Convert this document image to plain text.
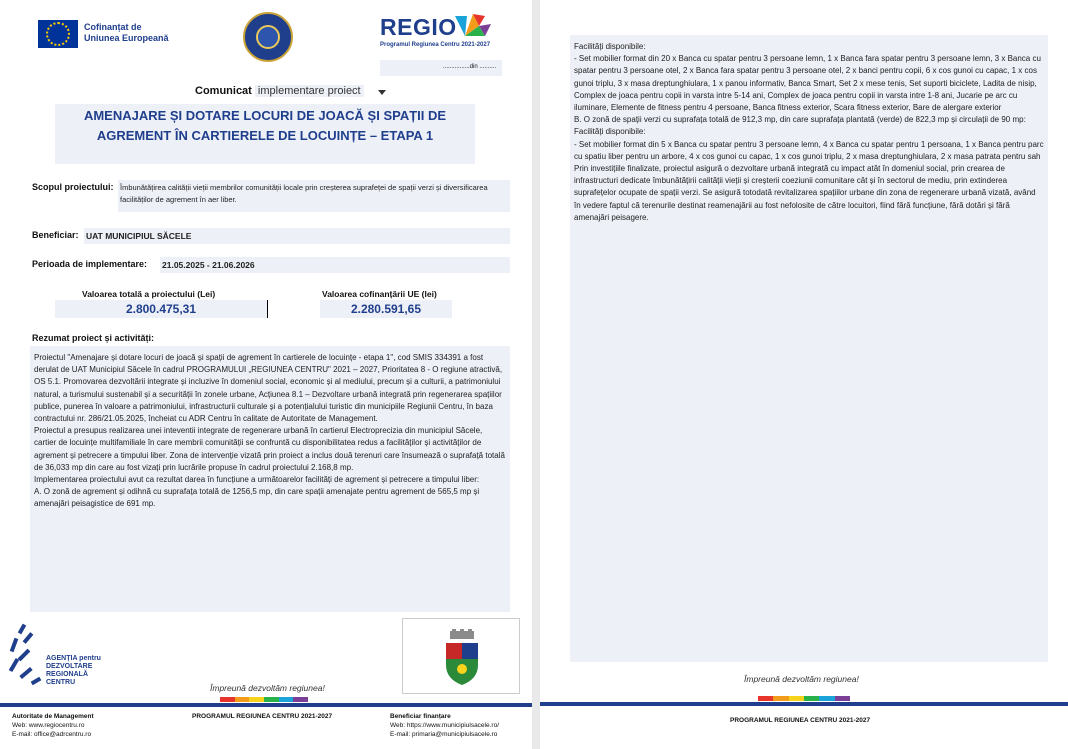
Cofinanțat de
Uniunea Europeană	REGIO
Programul Regiunea Centru 2021-2027
................din ..........
Comunicat implementare proiect
AMENAJARE ȘI DOTARE LOCURI DE JOACĂ ȘI SPAȚII DE
AGREMENT ÎN CARTIERELE DE LOCUINȚE – ETAPA 1
Scopul proiectului: Îmbunătățirea calității vieții membrilor comunității locale prin creșterea suprafeței de spații verzi și diversificarea facilităților de agrement în aer liber.
Beneficiar: UAT MUNICIPIUL SĂCELE
Perioada de implementare: 21.05.2025 - 21.06.2026
Valoarea totală a proiectului (Lei)	Valoarea cofinanțării UE (lei)
2.800.475,31	2.280.591,65
Rezumat proiect și activități:

Proiectul "Amenajare și dotare locuri de joacă și spații de agrement în cartierele de locuințe - etapa 1", cod SMIS 334391 a fost derulat de UAT Municipiul Săcele în cadrul PROGRAMULUI „REGIUNEA CENTRU" 2021 – 2027, Prioritatea 8 - O regiune atractivă, OS 5.1. Promovarea dezvoltării integrate și incluzive în domeniul social, economic și al mediului, precum și a culturii, a patrimoniului natural, a turismului sustenabil și a securității în zonele urbane, Acțiunea 8.1 – Dezvoltare urbană integrată prin regenerarea spațiilor publice, punerea în valoare a patrimoniului, infrastructurii culturale și a potențialului turistic din municipiile Regiunii Centru, în baza contractului nr. 286/21.05.2025, încheiat cu ADR Centru în calitate de Autoritate de Management.

Proiectul a presupus realizarea unei inteventii integrate de regenerare urbană în cartierul Electroprecizia din municipiul Săcele, cartier de locuințe multifamiliale în care membrii comunității se confruntă cu disponibilitatea redus a facilităților și activităților de agrement și petrecere a timpului liber. Zona de intervenție vizată prin proiect a inclus două terenuri care însumează o suprafață totală de 36,033 mp din care au fost vizați prin lucrările propuse în cadrul proiectului 2.168,8 mp.

Implementarea proiectului avut ca rezultat darea în funcțiune a următoarelor facilități de agrement și petrecere a timpului liber:

A. O zonă de agrement și odihnă cu suprafața totală de 1256,5 mp, din care spații amenajate pentru agrement de 565,5 mp și amenajări peisagistice de 691 mp.

AGENȚIA pentru
DEZVOLTARE
REGIONALĂ
CENTRU
Împreună dezvoltăm regiunea!
Autoritate de Management
Web: www.regiocentru.ro
E-mail: office@adrcentru.ro
PROGRAMUL REGIUNEA CENTRU 2021-2027	Beneficiar finanțare
Web: https://www.municipiulsacele.ro/
E-mail: primaria@municipiulsacele.ro
Facilități disponibile:
- Set mobilier format din 20 x Banca cu spatar pentru 3 persoane lemn, 1 x Banca fara spatar pentru 3 persoane lemn, 3 x Banca cu spatar pentru 3 persoane otel, 2 x Banca fara spatar pentru 3 persoane otel, 2 x banci pentru copii, 6 x cos gunoi cu capac, 1 x cos gunoi triplu, 3 x masa dreptunghiulara, 1 x panou informativ, Banca Smart, Set 2 x mese tenis, Set suporti biciclete, Ladita de nisip, Complex de joaca pentru copii in varsta intre 5-14 ani, Complex de joaca pentru copii in varsta intre 1-8 ani, Jucarie pe arc cu iluminare, Elemente de fitness pentru 4 persoane, Banca fitness exterior, Scara fitness exterior, Bare de alergare exterior
B. O zonă de spații verzi cu suprafața totală de 912,3 mp, din care suprafața plantată (verde) de 822,3 mp și circulații de 90 mp:
Facilități disponibile:
- Set mobilier format din 5 x Banca cu spatar pentru 3 persoane lemn, 4 x Banca cu spatar pentru 1 persoana, 1 x Banca pentru parc cu spatiu liber pentru un arbore, 4 x cos gunoi cu capac, 1 x cos gunoi triplu, 2 x masa dreptunghiulara, 2 x masa patrata pentru sah
Prin investițiile finalizate, proiectul asigură o dezvoltare urbană integrată cu impact atât în domeniul social, prin crearea de infrastructuri dedicate îmbunătățirii calității vieții și creșterii coeziunii comunitare cât și în sectorul de mediu, prin extinderea suprafețelor ocupate de spații verzi. Se asigură totodată revitalizarea spațiilor urbane din zona de regenerare urbană vizată, având în vedere faptul că terenurile destinat reamenajării au fost nefolosite de către locuitori, fiind fără funcțiune, fără dotări și fără amenajări peisagere.
Împreună dezvoltăm regiunea!
PROGRAMUL REGIUNEA CENTRU 2021-2027
